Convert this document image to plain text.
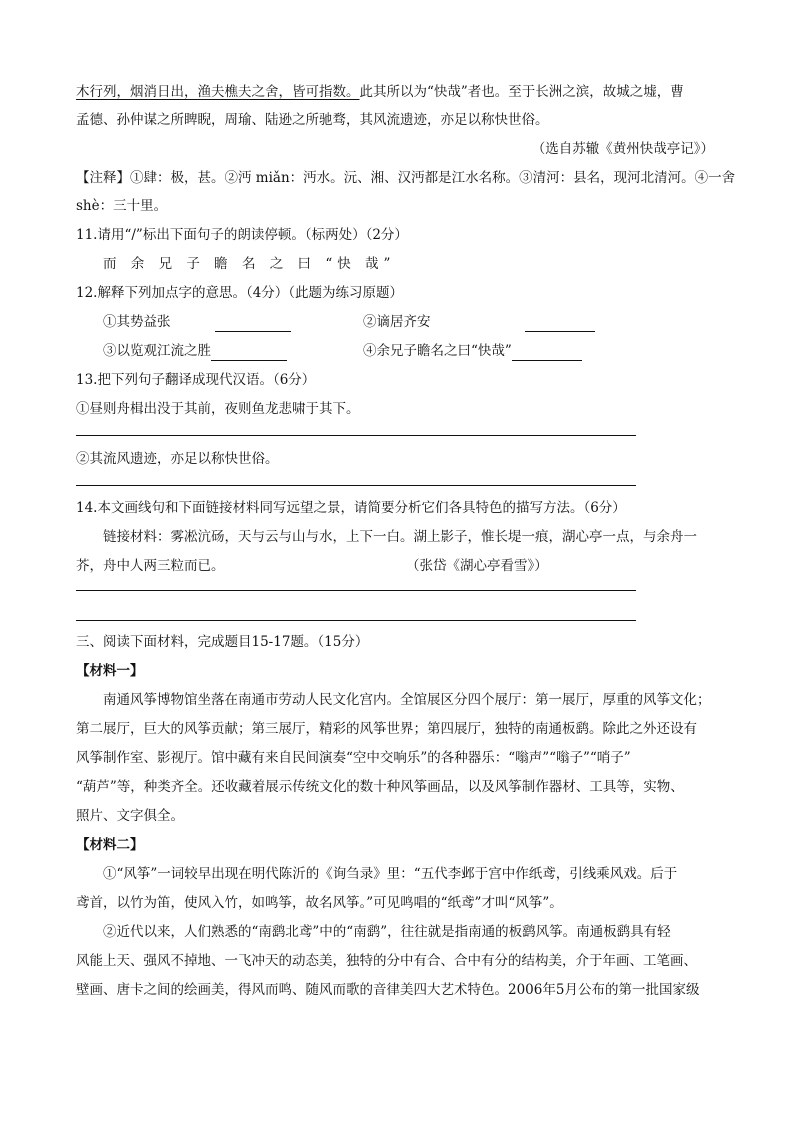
木行列，烟消日出，渔夫樵夫之舍，皆可指数。此其所以为“快哉”者也。至于长洲之滨，故城之墟，曹
孟德、孙仲谋之所睥睨，周瑜、陆逊之所驰骛，其风流遗迹，亦足以称快世俗。
（选自苏辙《黄州快哉亭记》）
【注释】①肆：极，甚。②沔 miǎn：沔水。沅、湘、汉沔都是江水名称。③清河：县名，现河北清河。④一舍
shè：三十里。
11.请用“/”标出下面句子的朗读停顿。（标两处）（2分）
而 余 兄 子 瞻 名 之 曰 “快 哉”
12.解释下列加点字的意思。（4分）（此题为练习原题）
①其势益张	②谪居齐安
③以览观江流之胜	④余兄子瞻名之曰“快哉”
13.把下列句子翻译成现代汉语。（6分）
①昼则舟楫出没于其前，夜则鱼龙悲啸于其下。
②其流风遗迹，亦足以称快世俗。
14.本文画线句和下面链接材料同写远望之景，请简要分析它们各具特色的描写方法。（6分）
链接材料：雾凇沆砀，天与云与山与水，上下一白。湖上影子，惟长堤一痕，湖心亭一点，与余舟一
芥，舟中人两三粒而已。	（张岱《湖心亭看雪》）
三、阅读下面材料，完成题目15-17题。（15分）
【材料一】
南通风筝博物馆坐落在南通市劳动人民文化宫内。全馆展区分四个展厅：第一展厅，厚重的风筝文化；
第二展厅，巨大的风筝贡献；第三展厅，精彩的风筝世界；第四展厅，独特的南通板鹞。除此之外还设有
风筝制作室、影视厅。馆中藏有来自民间演奏“空中交响乐”的各种器乐：“嗡声”“嗡子”“哨子”
“葫芦”等，种类齐全。还收藏着展示传统文化的数十种风筝画品，以及风筝制作器材、工具等，实物、
照片、文字俱全。
【材料二】
①“风筝”一词较早出现在明代陈沂的《询刍录》里：“五代李邺于宫中作纸鸢，引线乘风戏。后于
鸢首，以竹为笛，使风入竹，如鸣筝，故名风筝。”可见鸣唱的“纸鸢”才叫“风筝”。
②近代以来，人们熟悉的“南鹞北鸢”中的“南鹞”，往往就是指南通的板鹞风筝。南通板鹞具有轻
风能上天、强风不掉地、一飞冲天的动态美，独特的分中有合、合中有分的结构美，介于年画、工笔画、
壁画、唐卡之间的绘画美，得风而鸣、随风而歌的音律美四大艺术特色。2006年5月公布的第一批国家级
